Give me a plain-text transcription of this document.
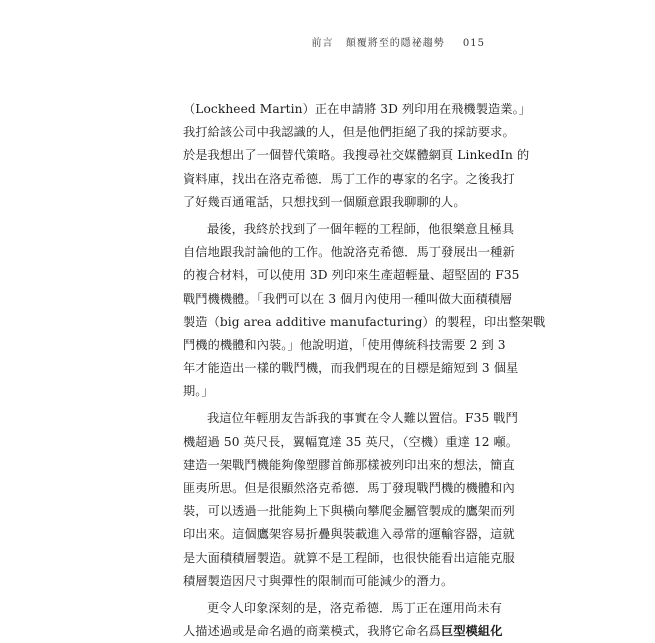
前言 顛覆將至的隱祕趨勢 015
（Lockheed Martin）正在申請將 3D 列印用在飛機製造業。」
我打給該公司中我認識的人，但是他們拒絕了我的採訪要求。
於是我想出了一個替代策略。我搜尋社交媒體網頁 LinkedIn 的
資料庫，找出在洛克希德．馬丁工作的專家的名字。之後我打
了好幾百通電話，只想找到一個願意跟我聊聊的人。
最後，我終於找到了一個年輕的工程師，他很樂意且極具
自信地跟我討論他的工作。他說洛克希德．馬丁發展出一種新
的複合材料，可以使用 3D 列印來生產超輕量、超堅固的 F35
戰鬥機機體。「我們可以在 3 個月內使用一種叫做大面積積層
製造（big area additive manufacturing）的製程，印出整架戰
鬥機的機體和內裝。」他說明道，「使用傳統科技需要 2 到 3
年才能造出一樣的戰鬥機，而我們現在的目標是縮短到 3 個星
期。」
我這位年輕朋友告訴我的事實在令人難以置信。F35 戰鬥
機超過 50 英尺長，翼幅寬達 35 英尺，（空機）重達 12 噸。
建造一架戰鬥機能夠像塑膠首飾那樣被列印出來的想法，簡直
匪夷所思。但是很顯然洛克希德．馬丁發現戰鬥機的機體和內
裝，可以透過一批能夠上下與橫向攀爬金屬管製成的鷹架而列
印出來。這個鷹架容易折疊與裝載進入尋常的運輸容器，這就
是大面積積層製造。就算不是工程師，也很快能看出這能克服
積層製造因尺寸與彈性的限制而可能減少的潛力。
更令人印象深刻的是，洛克希德．馬丁正在運用尚未有
人描述過或是命名過的商業模式，我將它命名爲巨型模組化
